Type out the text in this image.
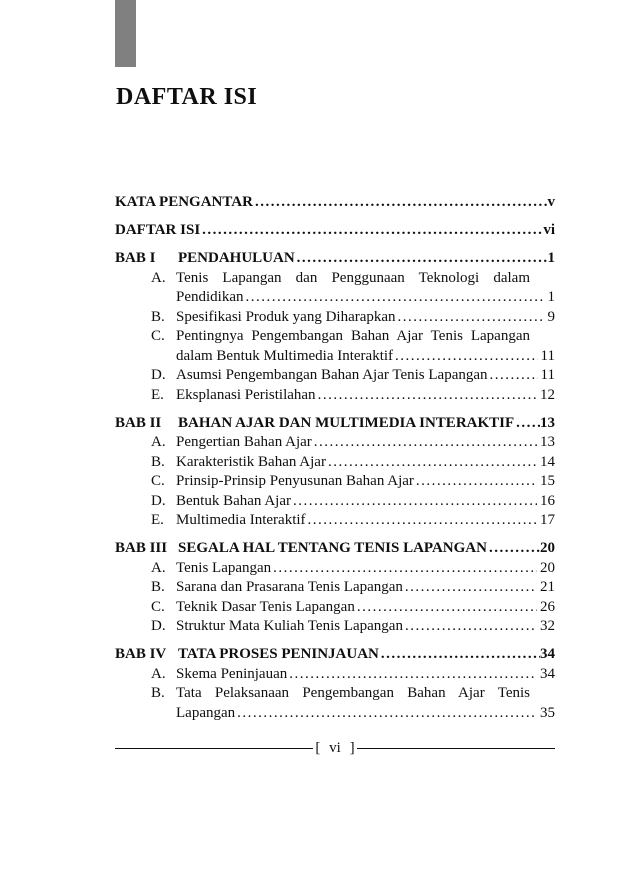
DAFTAR ISI
KATA PENGANTAR .....	v
DAFTAR ISI .....	vi
BAB I	PENDAHULUAN .....	1
A. Tenis Lapangan dan Penggunaan Teknologi dalam
Pendidikan .....	1
B. Spesifikasi Produk yang Diharapkan .....	9
C. Pentingnya Pengembangan Bahan Ajar Tenis Lapangan
dalam Bentuk Multimedia Interaktif .....	11
D. Asumsi Pengembangan Bahan Ajar Tenis Lapangan .....	11
E. Eksplanasi Peristilahan .....	12
BAB II	BAHAN AJAR DAN MULTIMEDIA INTERAKTIF ..... 13
A. Pengertian Bahan Ajar .....	13
B. Karakteristik Bahan Ajar .....	14
C. Prinsip-Prinsip Penyusunan Bahan Ajar .....	15
D. Bentuk Bahan Ajar .....	16
E. Multimedia Interaktif .....	17
BAB III SEGALA HAL TENTANG TENIS LAPANGAN .....	20
A. Tenis Lapangan .....	20
B. Sarana dan Prasarana Tenis Lapangan .....	21
C. Teknik Dasar Tenis Lapangan .....	26
D. Struktur Mata Kuliah Tenis Lapangan .....	32
BAB IV TATA PROSES PENINJAUAN .....	34
A. Skema Peninjauan .....	34
B. Tata Pelaksanaan Pengembangan Bahan Ajar Tenis
Lapangan .....	35
[ vi ]
